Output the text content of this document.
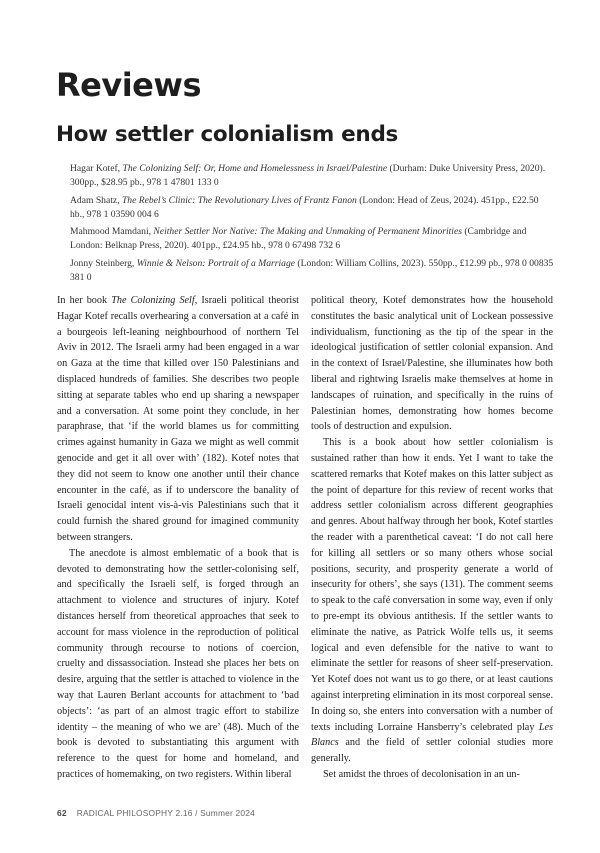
Reviews
How settler colonialism ends

Hagar Kotef, The Colonizing Self: Or, Home and Homelessness in Israel/Palestine (Durham: Duke University Press, 2020). 300pp., $28.95 pb., 978 1 47801 133 0

Adam Shatz, The Rebel’s Clinic: The Revolutionary Lives of Frantz Fanon (London: Head of Zeus, 2024). 451pp., £22.50 hb., 978 1 03590 004 6

Mahmood Mamdani, Neither Settler Nor Native: The Making and Unmaking of Permanent Minorities (Cambridge and London: Belknap Press, 2020). 401pp., £24.95 hb., 978 0 67498 732 6

Jonny Steinberg, Winnie & Nelson: Portrait of a Marriage (London: William Collins, 2023). 550pp., £12.99 pb., 978 0 00835 381 0

In her book The Colonizing Self, Israeli political theorist Hagar Kotef recalls overhearing a conversation at a café in a bourgeois left-leaning neighbourhood of northern Tel Aviv in 2012. The Israeli army had been engaged in a war on Gaza at the time that killed over 150 Palestinians and displaced hundreds of families. She describes two people sitting at separate tables who end up sharing a newspaper and a conversation. At some point they conclude, in her paraphrase, that ‘if the world blames us for committing crimes against humanity in Gaza we might as well commit genocide and get it all over with’ (182). Kotef notes that they did not seem to know one another until their chance encounter in the café, as if to underscore the banality of Israeli genocidal intent vis-à-vis Palestinians such that it could furnish the shared ground for imagined community between strangers.

The anecdote is almost emblematic of a book that is devoted to demonstrating how the settler-colonising self, and specifically the Israeli self, is forged through an attachment to violence and structures of injury. Kotef distances herself from theoretical approaches that seek to account for mass violence in the reproduction of political community through recourse to notions of coercion, cruelty and dissassociation. Instead she places her bets on desire, arguing that the settler is attached to violence in the way that Lauren Berlant accounts for attachment to ‘bad objects’: ‘as part of an almost tragic effort to stabilize identity – the meaning of who we are’ (48). Much of the book is devoted to substantiating this argument with reference to the quest for home and homeland, and practices of homemaking, on two registers. Within liberal

political theory, Kotef demonstrates how the household constitutes the basic analytical unit of Lockean possessive individualism, functioning as the tip of the spear in the ideological justification of settler colonial expansion. And in the context of Israel/Palestine, she illuminates how both liberal and rightwing Israelis make themselves at home in landscapes of ruination, and specifically in the ruins of Palestinian homes, demonstrating how homes become tools of destruction and expulsion.

This is a book about how settler colonialism is sustained rather than how it ends. Yet I want to take the scattered remarks that Kotef makes on this latter subject as the point of departure for this review of recent works that address settler colonialism across different geographies and genres. About halfway through her book, Kotef startles the reader with a parenthetical caveat: ‘I do not call here for killing all settlers or so many others whose social positions, security, and prosperity generate a world of insecurity for others’, she says (131). The comment seems to speak to the café conversation in some way, even if only to pre-empt its obvious antithesis. If the settler wants to eliminate the native, as Patrick Wolfe tells us, it seems logical and even defensible for the native to want to eliminate the settler for reasons of sheer self-preservation. Yet Kotef does not want us to go there, or at least cautions against interpreting elimination in its most corporeal sense. In doing so, she enters into conversation with a number of texts including Lorraine Hansberry’s celebrated play Les Blancs and the field of settler colonial studies more generally.

Set amidst the throes of decolonisation in an un-

62 RADICAL PHILOSOPHY 2.16 / Summer 2024
